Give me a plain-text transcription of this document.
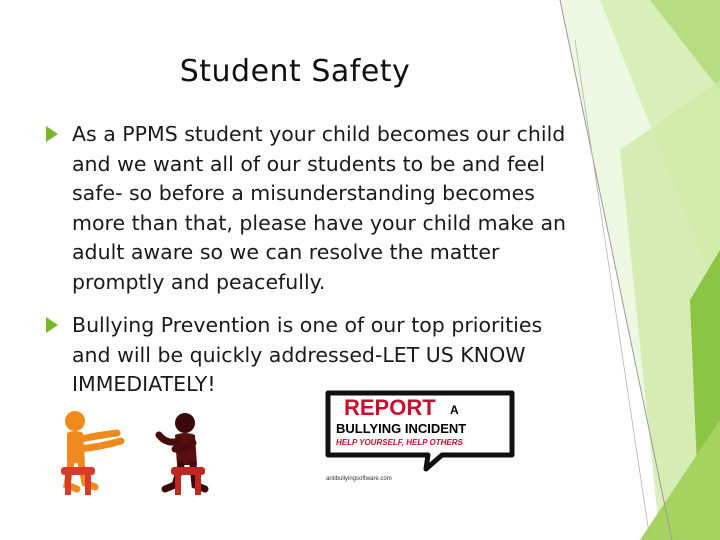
Student Safety
As a PPMS student your child becomes our child and we want all of our students to be and feel safe- so before a misunderstanding becomes more than that, please have your child make an adult aware so we can resolve the matter promptly and peacefully.
Bullying Prevention is one of our top priorities and will be quickly addressed-LET US KNOW IMMEDIATELY!

REPORT A

BULLYING INCIDENT

HELP YOURSELF, HELP OTHERS

antibullyingsoftware.com
